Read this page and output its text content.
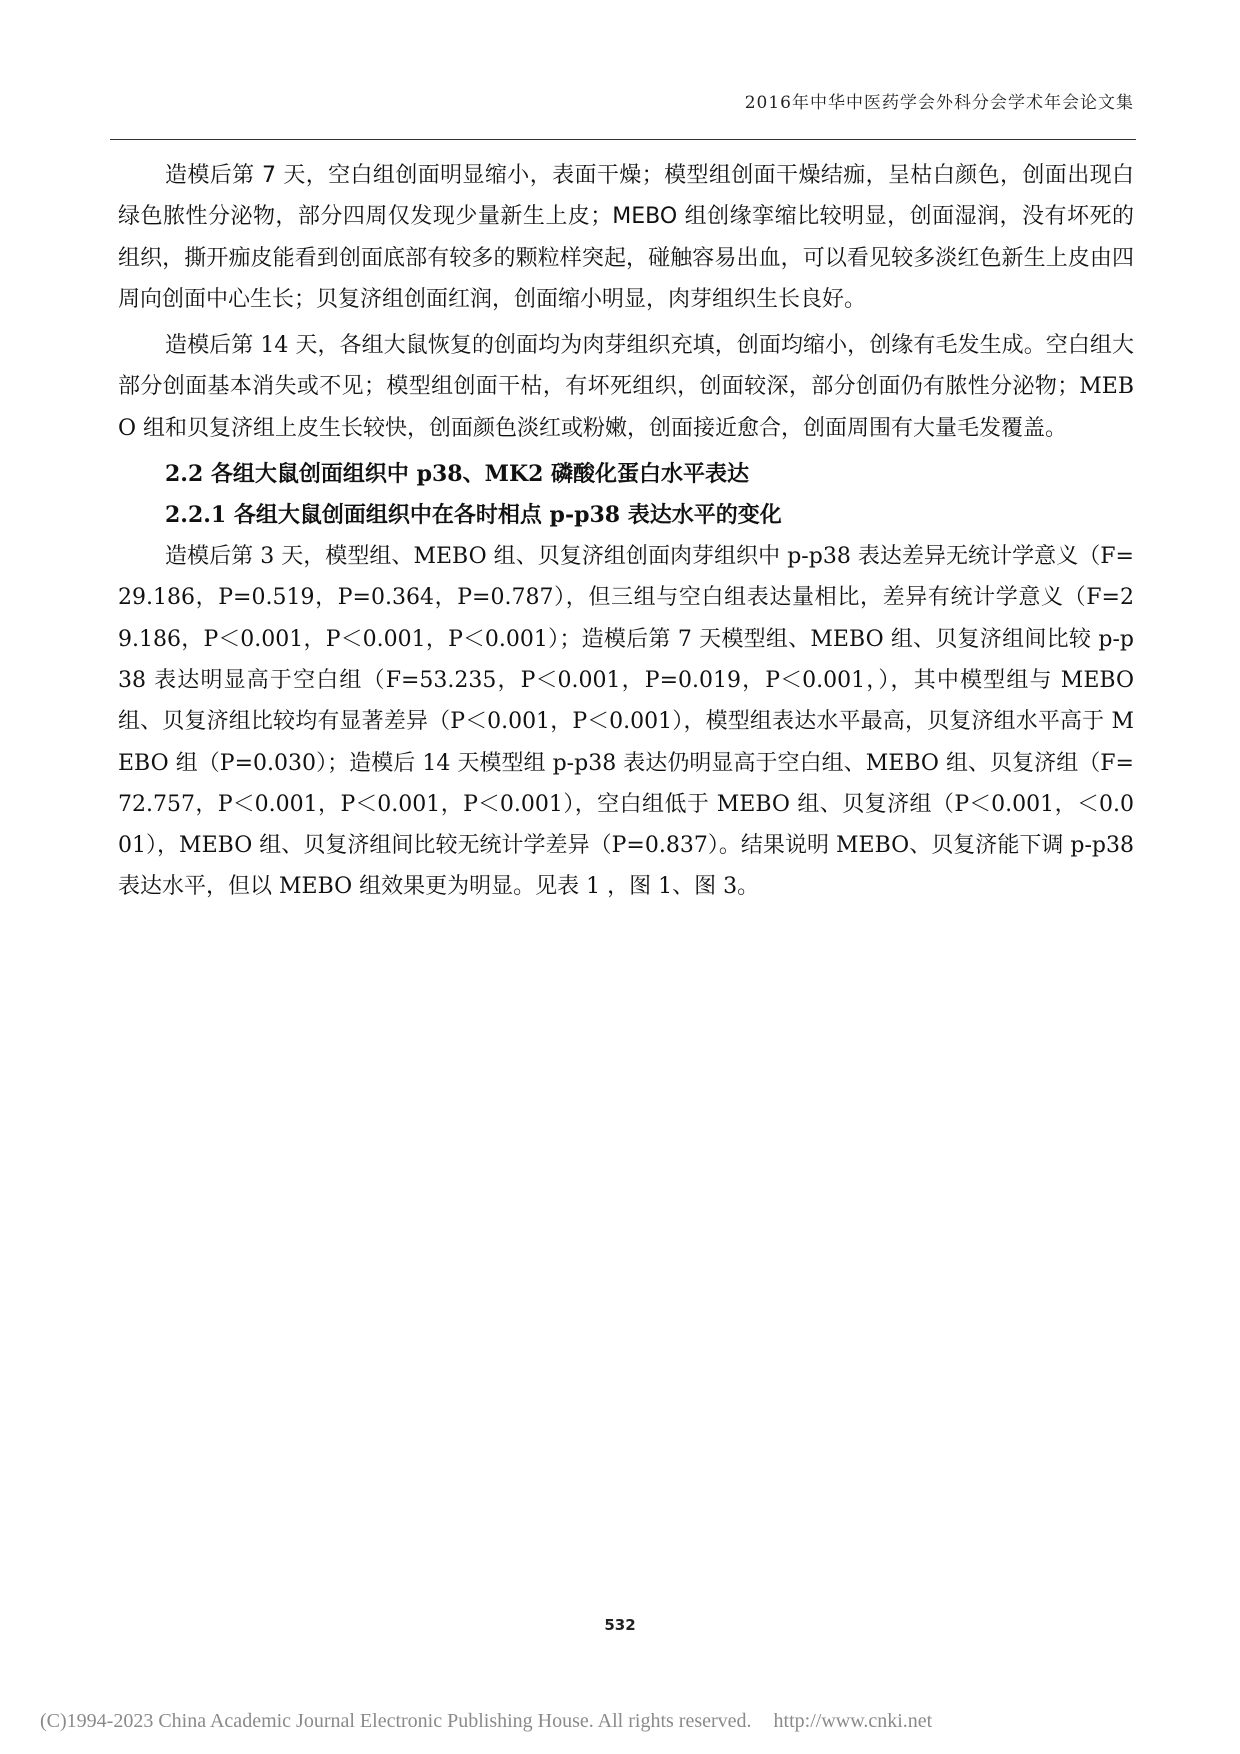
2016年中华中医药学会外科分会学术年会论文集

造模后第 7 天，空白组创面明显缩小，表面干燥；模型组创面干燥结痂，呈枯白颜色，创面出现白绿色脓性分泌物，部分四周仅发现少量新生上皮；MEBO 组创缘挛缩比较明显，创面湿润，没有坏死的组织，撕开痂皮能看到创面底部有较多的颗粒样突起，碰触容易出血，可以看见较多淡红色新生上皮由四周向创面中心生长；贝复济组创面红润，创面缩小明显，肉芽组织生长良好。

造模后第 14 天，各组大鼠恢复的创面均为肉芽组织充填，创面均缩小，创缘有毛发生成。空白组大部分创面基本消失或不见；模型组创面干枯，有坏死组织，创面较深，部分创面仍有脓性分泌物；MEBO 组和贝复济组上皮生长较快，创面颜色淡红或粉嫩，创面接近愈合，创面周围有大量毛发覆盖。

2.2 各组大鼠创面组织中 p38、MK2 磷酸化蛋白水平表达

2.2.1 各组大鼠创面组织中在各时相点 p-p38 表达水平的变化

造模后第 3 天，模型组、MEBO 组、贝复济组创面肉芽组织中 p-p38 表达差异无统计学意义（F=29.186，P=0.519，P=0.364，P=0.787），但三组与空白组表达量相比，差异有统计学意义（F=29.186，P＜0.001，P＜0.001，P＜0.001）；造模后第 7 天模型组、MEBO 组、贝复济组间比较 p-p38 表达明显高于空白组（F=53.235，P＜0.001，P=0.019，P＜0.001，），其中模型组与 MEBO 组、贝复济组比较均有显著差异（P＜0.001，P＜0.001），模型组表达水平最高，贝复济组水平高于 MEBO 组（P=0.030）；造模后 14 天模型组 p-p38 表达仍明显高于空白组、MEBO 组、贝复济组（F=72.757，P＜0.001，P＜0.001，P＜0.001），空白组低于 MEBO 组、贝复济组（P＜0.001，＜0.001），MEBO 组、贝复济组间比较无统计学差异（P=0.837）。结果说明 MEBO、贝复济能下调 p-p38 表达水平，但以 MEBO 组效果更为明显。见表 1 ，图 1、图 3。

532
(C)1994-2023 China Academic Journal Electronic Publishing House. All rights reserved. http://www.cnki.net
